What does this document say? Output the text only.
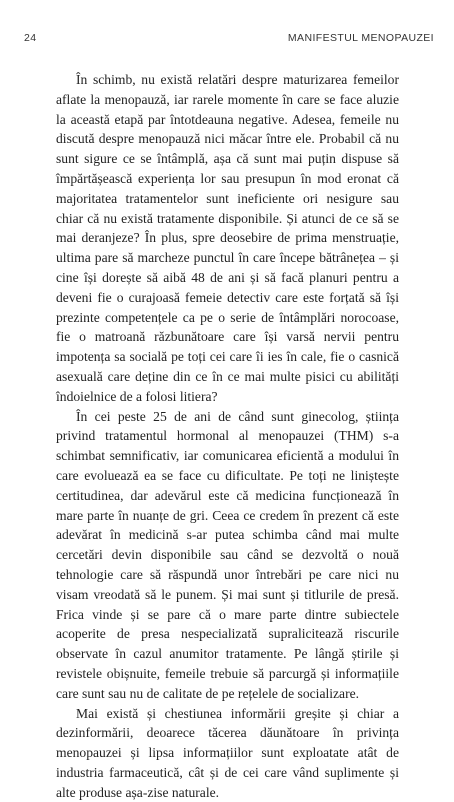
24	MANIFESTUL MENOPAUZEI

În schimb, nu există relatări despre maturizarea femeilor aflate la menopauză, iar rarele momente în care se face aluzie la această etapă par întotdeauna negative. Adesea, femeile nu discută despre menopauză nici măcar între ele. Probabil că nu sunt sigure ce se întâmplă, așa că sunt mai puțin dispuse să împărtășească experiența lor sau presupun în mod eronat că majoritatea tratamentelor sunt ineficiente ori nesigure sau chiar că nu există tratamente disponibile. Și atunci de ce să se mai deranjeze? În plus, spre deosebire de prima menstruație, ultima pare să marcheze punctul în care începe bătrânețea – și cine își dorește să aibă 48 de ani și să facă planuri pentru a deveni fie o curajoasă femeie detectiv care este forțată să își prezinte competențele ca pe o serie de întâmplări norocoase, fie o matroană răzbunătoare care își varsă nervii pentru impotența sa socială pe toți cei care îi ies în cale, fie o casnică asexuală care deține din ce în ce mai multe pisici cu abilități îndoielnice de a folosi litiera?

În cei peste 25 de ani de când sunt ginecolog, știința privind tratamentul hormonal al menopauzei (THM) s-a schimbat semnificativ, iar comunicarea eficientă a modului în care evoluează ea se face cu dificultate. Pe toți ne liniștește certitudinea, dar adevărul este că medicina funcționează în mare parte în nuanțe de gri. Ceea ce credem în prezent că este adevărat în medicină s-ar putea schimba când mai multe cercetări devin disponibile sau când se dezvoltă o nouă tehnologie care să răspundă unor întrebări pe care nici nu visam vreodată să le punem. Și mai sunt și titlurile de presă. Frica vinde și se pare că o mare parte dintre subiectele acoperite de presa nespecializată supralicitează riscurile observate în cazul anumitor tratamente. Pe lângă știrile și revistele obișnuite, femeile trebuie să parcurgă și informațiile care sunt sau nu de calitate de pe rețelele de socializare.

Mai există și chestiunea informării greșite și chiar a dezinformării, deoarece tăcerea dăunătoare în privința menopauzei și lipsa informațiilor sunt exploatate atât de industria farmaceutică, cât și de cei care vând suplimente și alte produse așa-zise naturale.
